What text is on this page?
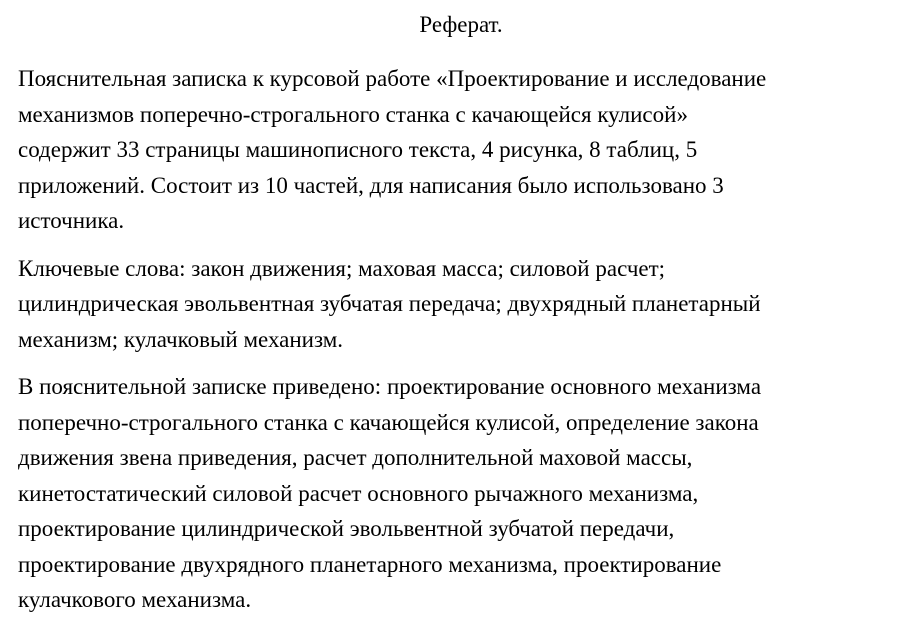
Реферат.

Пояснительная записка к курсовой работе «Проектирование и исследование
механизмов поперечно-строгального станка с качающейся кулисой»
содержит 33 страницы машинописного текста, 4 рисунка, 8 таблиц, 5
приложений. Состоит из 10 частей, для написания было использовано 3
источника.

Ключевые слова: закон движения; маховая масса; силовой расчет;
цилиндрическая эвольвентная зубчатая передача; двухрядный планетарный
механизм; кулачковый механизм.

В пояснительной записке приведено: проектирование основного механизма
поперечно-строгального станка с качающейся кулисой, определение закона
движения звена приведения, расчет дополнительной маховой массы,
кинетостатический силовой расчет основного рычажного механизма,
проектирование цилиндрической эвольвентной зубчатой передачи,
проектирование двухрядного планетарного механизма, проектирование
кулачкового механизма.
